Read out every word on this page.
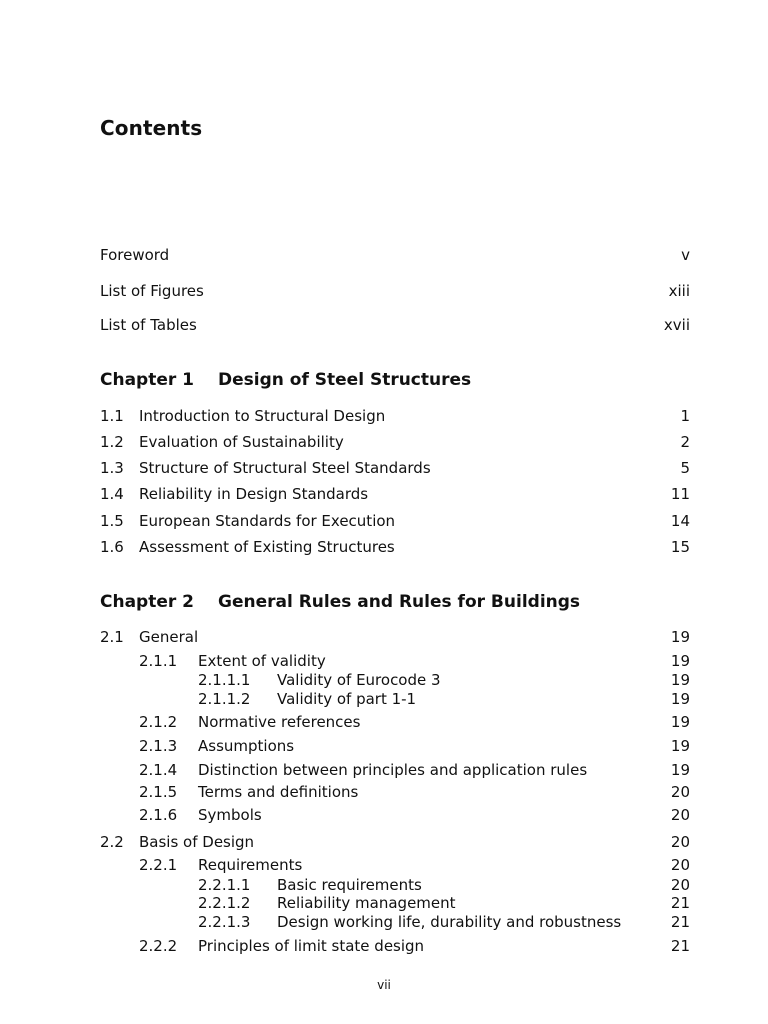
Contents
Foreword	v
List of Figures	xiii
List of Tables	xvii
Chapter 1 Design of Steel Structures
1.1 Introduction to Structural Design	1
1.2 Evaluation of Sustainability	2
1.3 Structure of Structural Steel Standards	5
1.4 Reliability in Design Standards	11
1.5 European Standards for Execution	14
1.6 Assessment of Existing Structures	15
Chapter 2 General Rules and Rules for Buildings
2.1 General	19
2.1.1 Extent of validity	19
2.1.1.1 Validity of Eurocode 3	19
2.1.1.2 Validity of part 1-1	19
2.1.2 Normative references	19
2.1.3 Assumptions	19
2.1.4 Distinction between principles and application rules	19
2.1.5 Terms and definitions	20
2.1.6 Symbols	20
2.2 Basis of Design	20
2.2.1 Requirements	20
2.2.1.1 Basic requirements	20
2.2.1.2 Reliability management	21
2.2.1.3 Design working life, durability and robustness	21
2.2.2 Principles of limit state design	21
vii
